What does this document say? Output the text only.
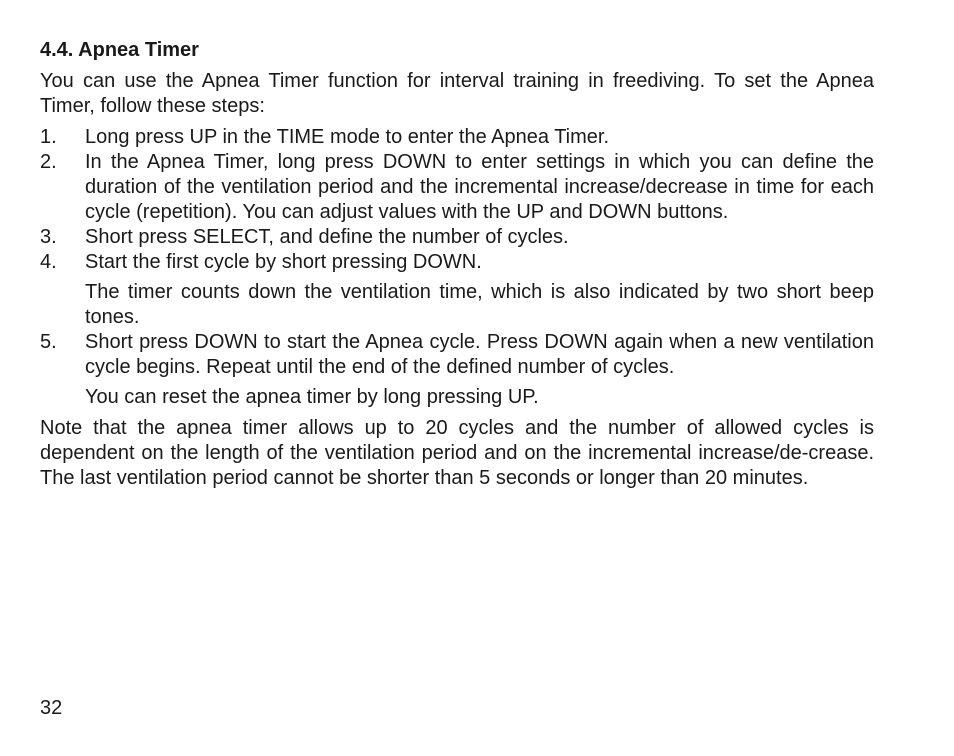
4.4. Apnea Timer

You can use the Apnea Timer function for interval training in freediving. To set the Apnea Timer, follow these steps:

1.	Long press UP in the TIME mode to enter the Apnea Timer.

2.	In the Apnea Timer, long press DOWN to enter settings in which you can define the duration of the ventilation period and the incremental increase/decrease in time for each cycle (repetition). You can adjust values with the UP and DOWN buttons.

3.	Short press SELECT, and define the number of cycles.

4.	Start the first cycle by short pressing DOWN.

The timer counts down the ventilation time, which is also indicated by two short beep tones.

5.	Short press DOWN to start the Apnea cycle. Press DOWN again when a new ventilation cycle begins. Repeat until the end of the defined number of cycles.

You can reset the apnea timer by long pressing UP.

Note that the apnea timer allows up to 20 cycles and the number of allowed cycles is dependent on the length of the ventilation period and on the incremental increase/de-crease. The last ventilation period cannot be shorter than 5 seconds or longer than 20 minutes.

32
